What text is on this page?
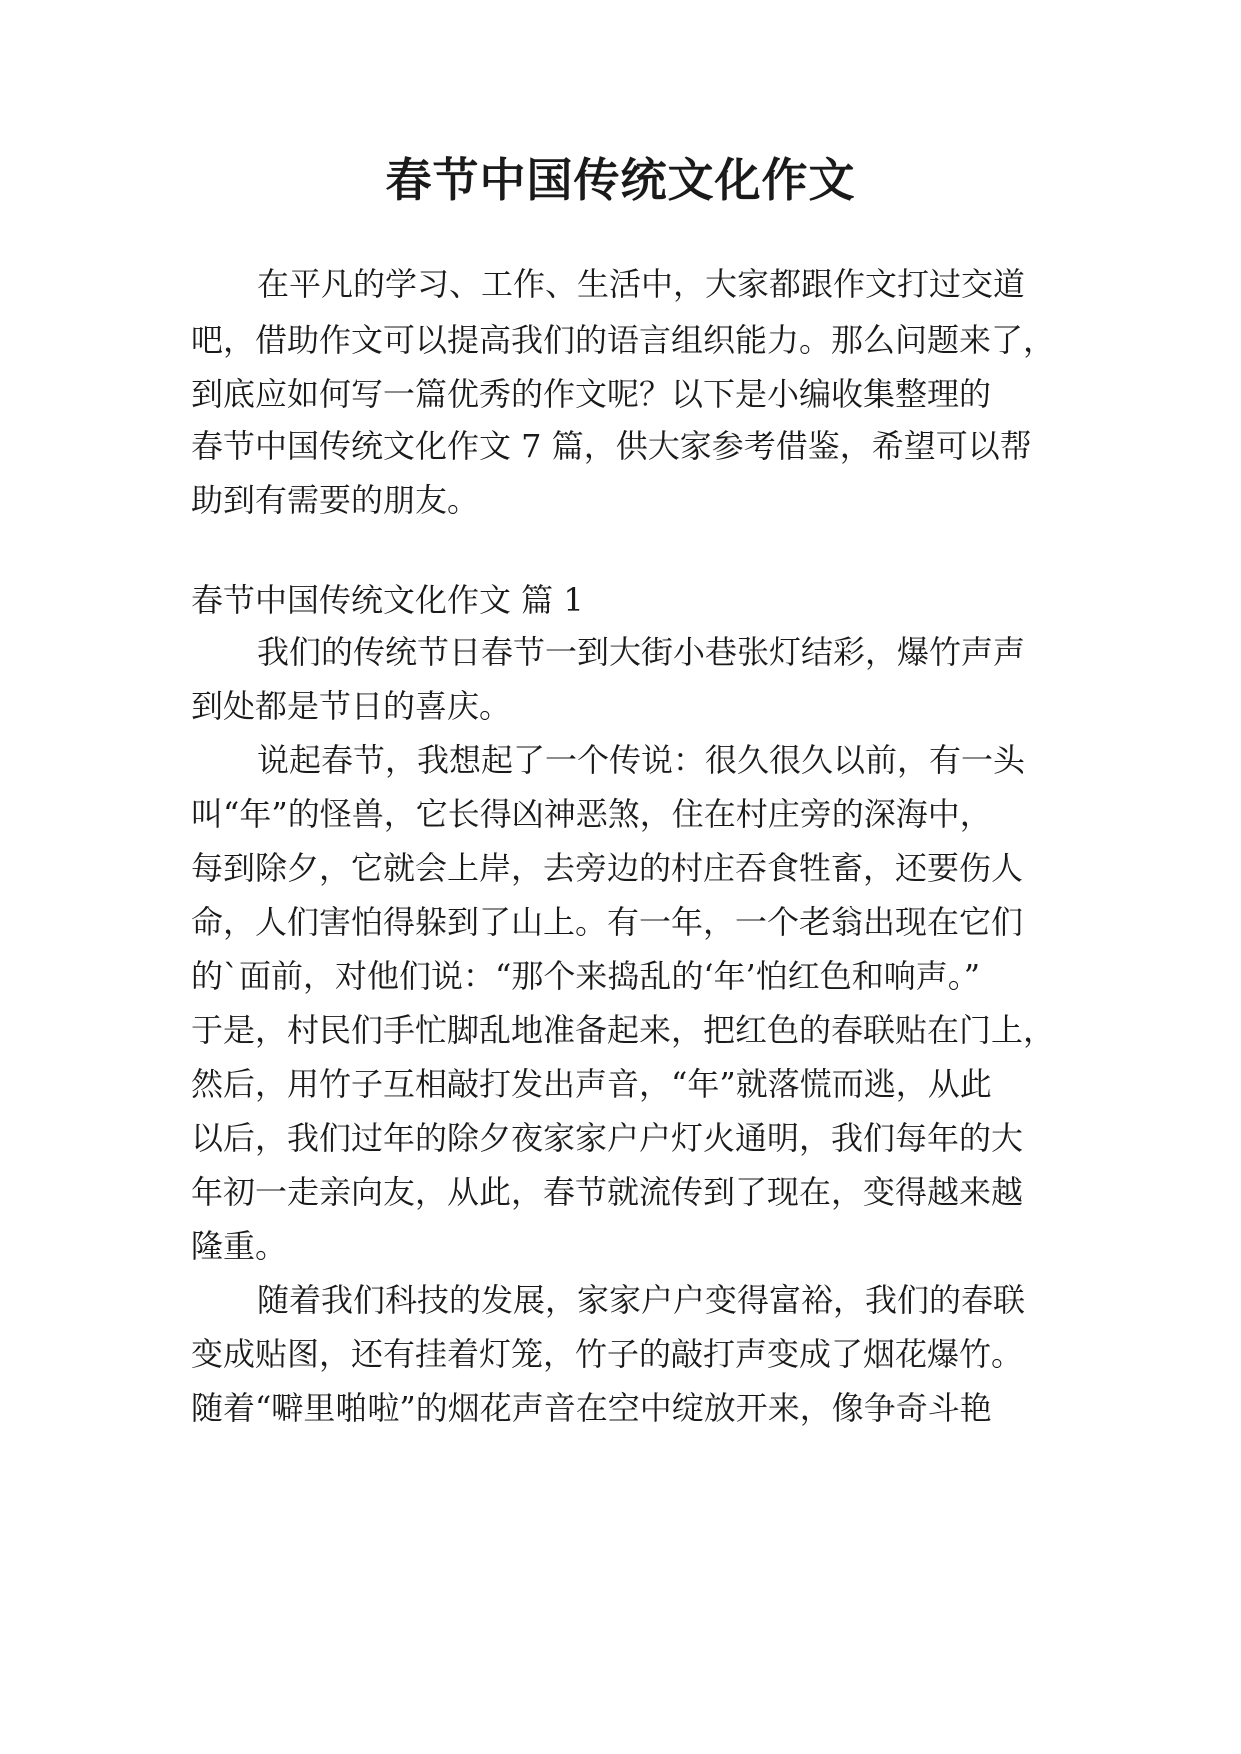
春节中国传统文化作文
在平凡的学习、工作、生活中，大家都跟作文打过交道
吧，借助作文可以提高我们的语言组织能力。那么问题来了，
到底应如何写一篇优秀的作文呢？以下是小编收集整理的
春节中国传统文化作文 7 篇，供大家参考借鉴，希望可以帮
助到有需要的朋友。
春节中国传统文化作文 篇 1
我们的传统节日春节一到大街小巷张灯结彩，爆竹声声
到处都是节日的喜庆。
说起春节，我想起了一个传说：很久很久以前，有一头
叫“年”的怪兽，它长得凶神恶煞，住在村庄旁的深海中，
每到除夕，它就会上岸，去旁边的村庄吞食牲畜，还要伤人
命，人们害怕得躲到了山上。有一年，一个老翁出现在它们
的`面前，对他们说：“那个来捣乱的‘年’怕红色和响声。”
于是，村民们手忙脚乱地准备起来，把红色的春联贴在门上，
然后，用竹子互相敲打发出声音，“年”就落慌而逃，从此
以后，我们过年的除夕夜家家户户灯火通明，我们每年的大
年初一走亲向友，从此，春节就流传到了现在，变得越来越
隆重。
随着我们科技的发展，家家户户变得富裕，我们的春联
变成贴图，还有挂着灯笼，竹子的敲打声变成了烟花爆竹。
随着“噼里啪啦”的烟花声音在空中绽放开来，像争奇斗艳
